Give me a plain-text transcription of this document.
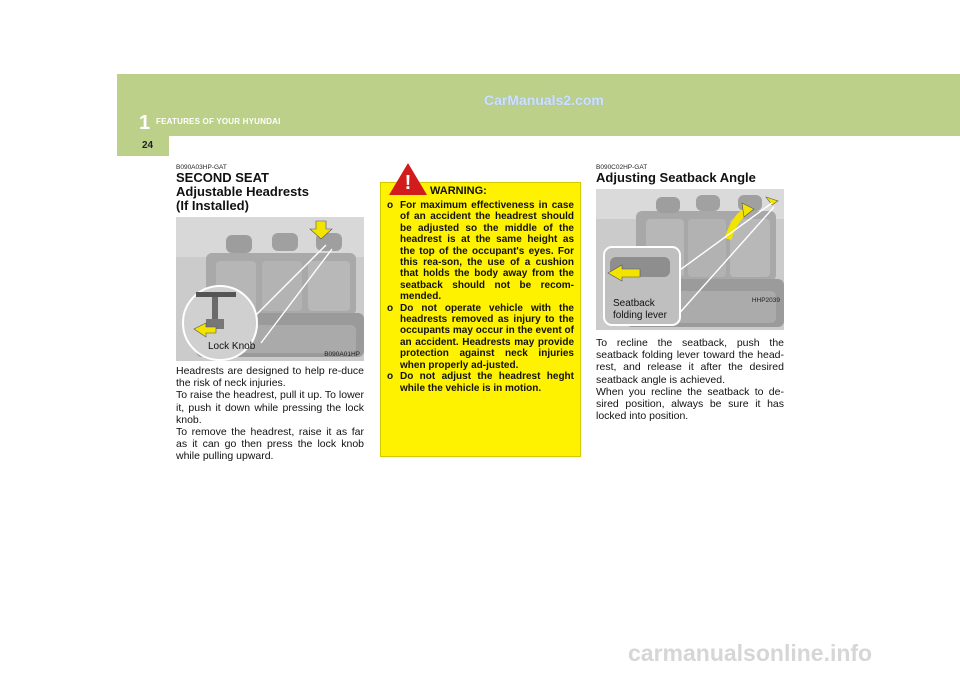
1 FEATURES OF YOUR HYUNDAI
CarManuals2.com
24
B090A03HP-GAT
SECOND SEAT
Adjustable Headrests
(If Installed)
Lock Knob
B090A01HP
Headrests are designed to help re-duce the risk of neck injuries.
To raise the headrest, pull it up. To lower it, push it down while pressing the lock knob.
To remove the headrest, raise it as far as it can go then press the lock knob while pulling upward.
! WARNING:
o For maximum effectiveness in case of an accident the headrest should be adjusted so the middle of the headrest is at the same height as the top of the occupant's eyes. For this rea-son, the use of a cushion that holds the body away from the seatback should not be recom-mended.
o Do not operate vehicle with the headrests removed as injury to the occupants may occur in the event of an accident. Headrests may provide protection against neck injuries when properly ad-justed.
o Do not adjust the headrest heght while the vehicle is in motion.
B090C02HP-GAT
Adjusting Seatback Angle
Seatback
folding lever
HHP2039
To recline the seatback, push the seatback folding lever toward the head-rest, and release it after the desired seatback angle is achieved.
When you recline the seatback to de-sired position, always be sure it has locked into position.
carmanualsonline.info
